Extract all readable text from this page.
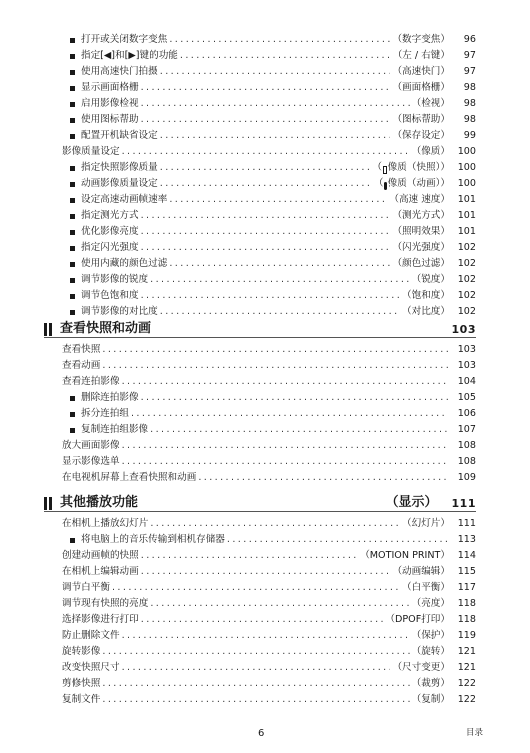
打开或关闭数字变焦 .....	（数字变焦）	96
指定[◀]和[▶]键的功能 .....	（左 / 右键）	97
使用高速快门拍摄 .....	（高速快门）	97
显示画面格栅 .....	（画面格栅）	98
启用影像检视 .....	（检视）	98
使用图标帮助 .....	（图标帮助）	98
配置开机缺省设定 .....	（保存设定）	99
影像质量设定 .....	（像质） 100
指定快照影像质量 .....	（ 像质（快照）） 100
动画影像质量设定 .....	（ 像质（动画）） 100
设定高速动画帧速率 .....	（高速 速度） 101
指定测光方式 .....	（测光方式） 101
优化影像亮度 .....	（照明效果） 101
指定闪光强度 .....	（闪光强度） 102
使用内藏的颜色过滤 .....	（颜色过滤） 102
调节影像的锐度 .....	（锐度） 102
调节色饱和度 .....	（饱和度） 102
调节影像的对比度 .....	（对比度） 102
查看快照和动画	103
查看快照 .....	103
查看动画 .....	103
查看连拍影像 .....	104
删除连拍影像 .....	105
拆分连拍组 .....	106
复制连拍组影像 .....	107
放大画面影像 .....	108
显示影像选单 .....	108
在电视机屏幕上查看快照和动画 .....	109
其他播放功能	（显示） 111
在相机上播放幻灯片 .....	（幻灯片） 111
将电脑上的音乐传输到相机存储器 .....	113
创建动画帧的快照 .....	（MOTION PRINT） 114
在相机上编辑动画 .....	（动画编辑） 115
调节白平衡 .....	（白平衡） 117
调节现有快照的亮度 .....	（亮度） 118
选择影像进行打印 .....	（DPOF打印） 118
防止删除文件 .....	（保护） 119
旋转影像 .....	（旋转） 121
改变快照尺寸 .....	（尺寸变更） 121
剪修快照 .....	（裁剪） 122
复制文件 .....	（复制） 122
6	目录
